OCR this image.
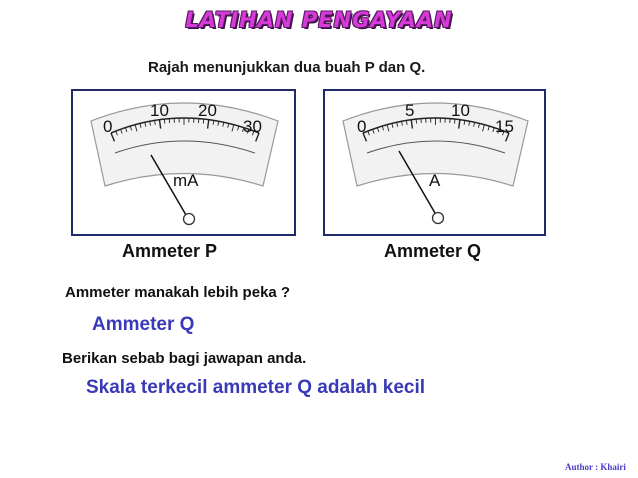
LATIHAN PENGAYAAN
Rajah menunjukkan dua buah P dan Q.
0
10 20
30
mA
0
5 10
15
A
Ammeter P	Ammeter Q
Ammeter manakah lebih peka ?
Ammeter Q
Berikan sebab bagi jawapan anda.
Skala terkecil ammeter Q adalah kecil
Author : Khairi
